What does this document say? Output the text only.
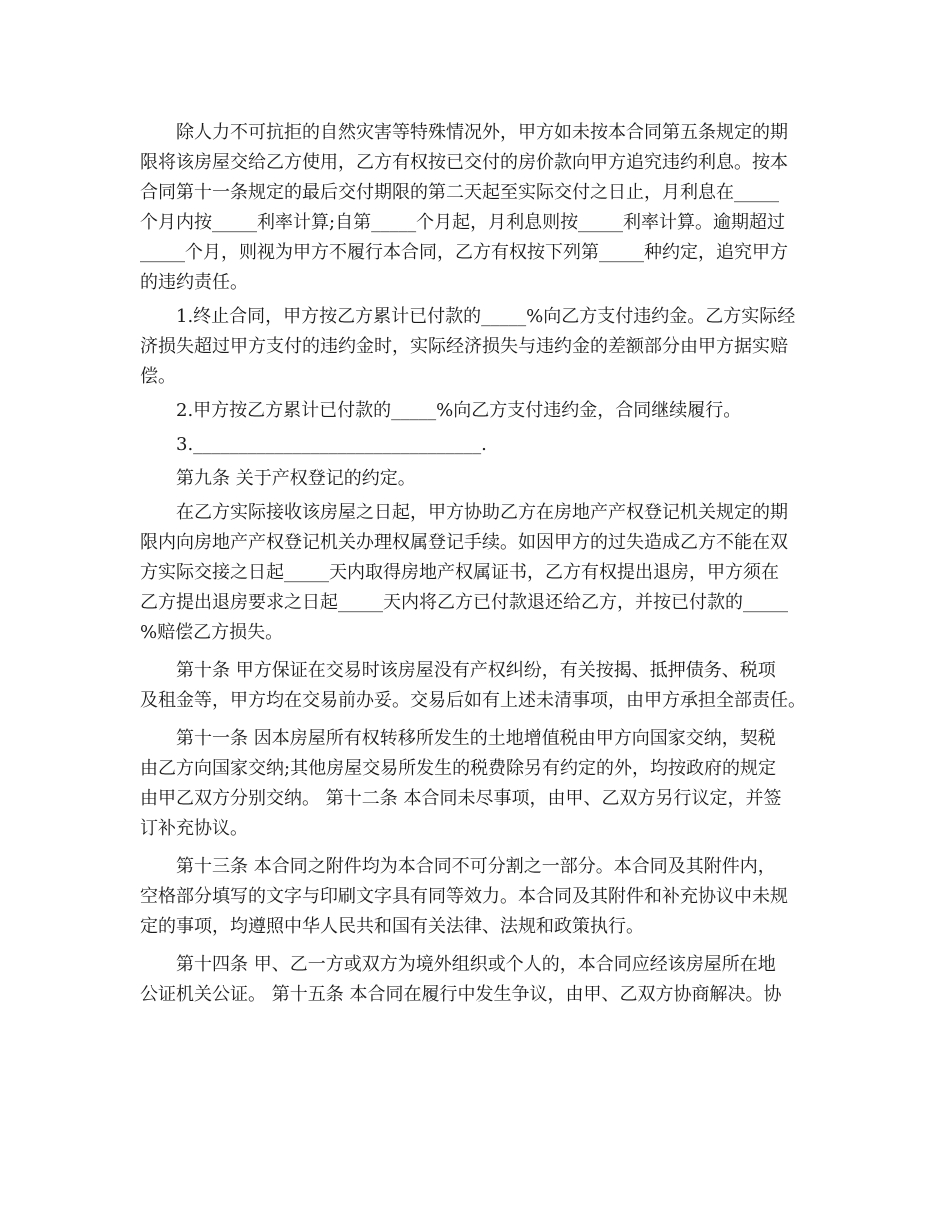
除人力不可抗拒的自然灾害等特殊情况外，甲方如未按本合同第五条规定的期
限将该房屋交给乙方使用，乙方有权按已交付的房价款向甲方追究违约利息。按本
合同第十一条规定的最后交付期限的第二天起至实际交付之日止，月利息在_____
个月内按_____利率计算;自第_____个月起，月利息则按_____利率计算。逾期超过
_____个月，则视为甲方不履行本合同，乙方有权按下列第_____种约定，追究甲方
的违约责任。
1.终止合同，甲方按乙方累计已付款的_____%向乙方支付违约金。乙方实际经
济损失超过甲方支付的违约金时，实际经济损失与违约金的差额部分由甲方据实赔
偿。
2.甲方按乙方累计已付款的_____%向乙方支付违约金，合同继续履行。
3.________________________________.
第九条 关于产权登记的约定。
在乙方实际接收该房屋之日起，甲方协助乙方在房地产产权登记机关规定的期
限内向房地产产权登记机关办理权属登记手续。如因甲方的过失造成乙方不能在双
方实际交接之日起_____天内取得房地产权属证书，乙方有权提出退房，甲方须在
乙方提出退房要求之日起_____天内将乙方已付款退还给乙方，并按已付款的_____
%赔偿乙方损失。
第十条 甲方保证在交易时该房屋没有产权纠纷，有关按揭、抵押债务、税项
及租金等，甲方均在交易前办妥。交易后如有上述未清事项，由甲方承担全部责任。
第十一条 因本房屋所有权转移所发生的土地增值税由甲方向国家交纳，契税
由乙方向国家交纳;其他房屋交易所发生的税费除另有约定的外，均按政府的规定
由甲乙双方分别交纳。 第十二条 本合同未尽事项，由甲、乙双方另行议定，并签
订补充协议。
第十三条 本合同之附件均为本合同不可分割之一部分。本合同及其附件内，
空格部分填写的文字与印刷文字具有同等效力。本合同及其附件和补充协议中未规
定的事项，均遵照中华人民共和国有关法律、法规和政策执行。
第十四条 甲、乙一方或双方为境外组织或个人的，本合同应经该房屋所在地
公证机关公证。 第十五条 本合同在履行中发生争议，由甲、乙双方协商解决。协
